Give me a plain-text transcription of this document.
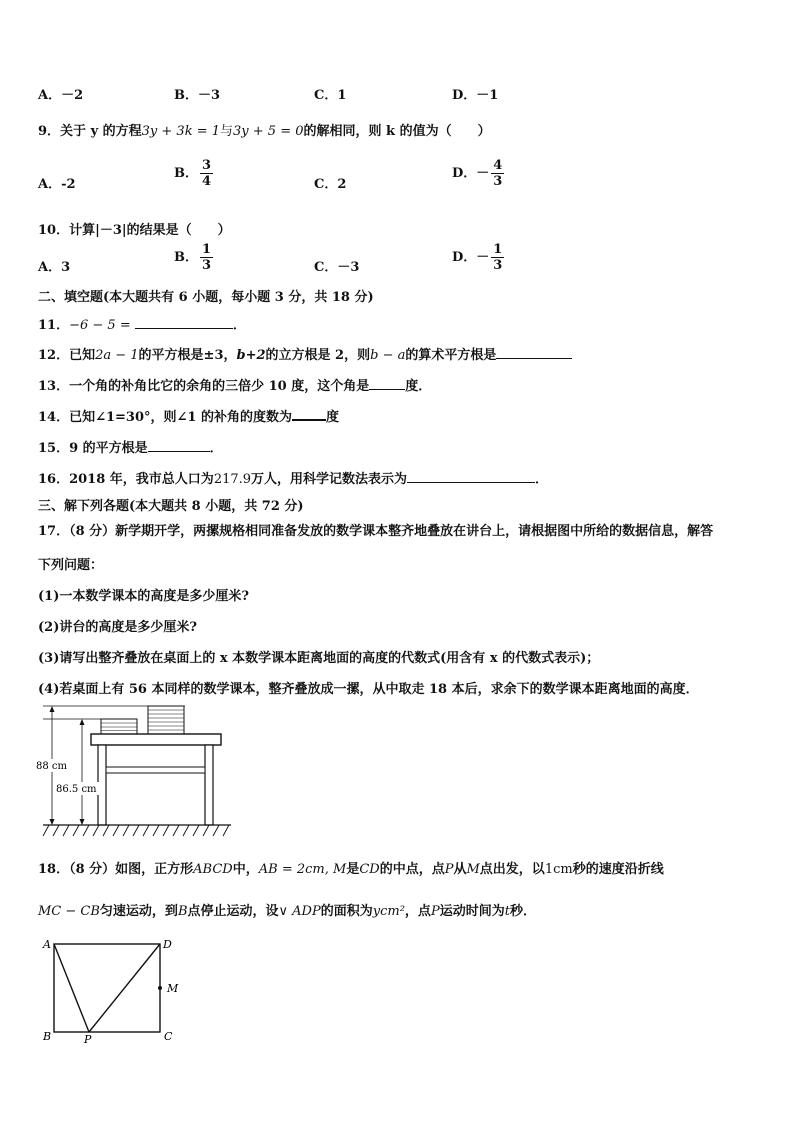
A．－2	B．－3	C．1	D．－1
9．关于 y 的方程3y + 3k = 1与3y + 5 = 0的解相同，则 k 的值为（　　）
A．-2
B． $\frac{3}{4}$	C．2
D．－ $\frac{4}{3}$
10．计算|－3|的结果是（　　）
A．3
B． $\frac{1}{3}$	C．－3
D．－ $\frac{1}{3}$
二、填空题(本大题共有 6 小题，每小题 3 分，共 18 分)
11．−6 − 5 =	．
12．已知2a − 1的平方根是±3，b+2的立方根是 2，则b − a的算术平方根是
13．一个角的补角比它的余角的三倍少 10 度，这个角是	度．
14．已知∠1=30°，则∠1 的补角的度数为	度
15．9 的平方根是	．
16．2018 年，我市总人口为217.9万人，用科学记数法表示为	．
三、解下列各题(本大题共 8 小题，共 72 分)
17．（8 分）新学期开学，两摞规格相同准备发放的数学课本整齐地叠放在讲台上，请根据图中所给的数据信息，解答
下列问题：
(1)一本数学课本的高度是多少厘米?
(2)讲台的高度是多少厘米?
(3)请写出整齐叠放在桌面上的 x 本数学课本距离地面的高度的代数式(用含有 x 的代数式表示)；
(4)若桌面上有 56 本同样的数学课本，整齐叠放成一摞，从中取走 18 本后，求余下的数学课本距离地面的高度．
88 cm
86.5 cm
18．（8 分）如图，正方形ABCD中，AB = 2cm, M是CD的中点，点P从M点出发，以1cm秒的速度沿折线
MC − CB匀速运动，到B点停止运动，设∨ ADP的面积为ycm²，点P运动时间为t秒．
A	D
M
B	P	C
